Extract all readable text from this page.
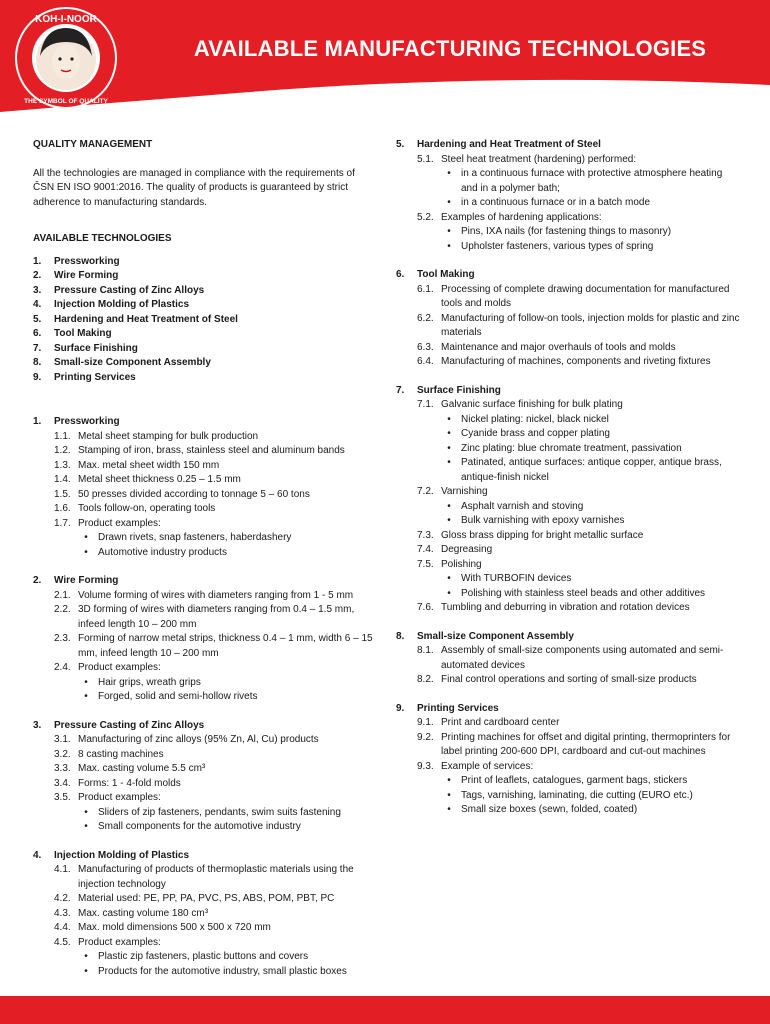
KOH-I-NOOR
THE SYMBOL OF QUALITY
AVAILABLE MANUFACTURING TECHNOLOGIES

QUALITY MANAGEMENT

All the technologies are managed in compliance with the requirements of ČSN EN ISO 9001:2016. The quality of products is guaranteed by strict adherence to manufacturing standards.

AVAILABLE TECHNOLOGIES

1.	Pressworking
2.	Wire Forming
3.	Pressure Casting of Zinc Alloys
4.	Injection Molding of Plastics
5.	Hardening and Heat Treatment of Steel
6.	Tool Making
7.	Surface Finishing
8.	Small-size Component Assembly
9.	Printing Services
1.	Pressworking

1.1. Metal sheet stamping for bulk production
1.2. Stamping of iron, brass, stainless steel and aluminum bands
1.3. Max. metal sheet width 150 mm
1.4. Metal sheet thickness 0.25 – 1.5 mm
1.5. 50 presses divided according to tonnage 5 – 60 tons
1.6. Tools follow-on, operating tools
1.7. Product examples:
•	Drawn rivets, snap fasteners, haberdashery
•	Automotive industry products
2.	Wire Forming

2.1. Volume forming of wires with diameters ranging from 1 - 5 mm
2.2. 3D forming of wires with diameters ranging from 0.4 – 1.5 mm, infeed length 10 – 200 mm
2.3. Forming of narrow metal strips, thickness 0.4 – 1 mm, width 6 – 15 mm, infeed length 10 – 200 mm
2.4. Product examples:
•	Hair grips, wreath grips
•	Forged, solid and semi-hollow rivets
3.	Pressure Casting of Zinc Alloys

3.1. Manufacturing of zinc alloys (95% Zn, Al, Cu) products
3.2. 8 casting machines
3.3. Max. casting volume 5.5 cm³
3.4. Forms: 1 - 4-fold molds
3.5. Product examples:
•	Sliders of zip fasteners, pendants, swim suits fastening
•	Small components for the automotive industry
4.	Injection Molding of Plastics

4.1. Manufacturing of products of thermoplastic materials using the injection technology
4.2. Material used: PE, PP, PA, PVC, PS, ABS, POM, PBT, PC
4.3. Max. casting volume 180 cm³
4.4. Max. mold dimensions 500 x 500 x 720 mm
4.5. Product examples:
•	Plastic zip fasteners, plastic buttons and covers
•	Products for the automotive industry, small plastic boxes
5.	Hardening and Heat Treatment of Steel

5.1. Steel heat treatment (hardening) performed:
•	in a continuous furnace with protective atmosphere heating and in a polymer bath;
•	in a continuous furnace or in a batch mode
5.2. Examples of hardening applications:
•	Pins, IXA nails (for fastening things to masonry)
•	Upholster fasteners, various types of spring
6.	Tool Making

6.1. Processing of complete drawing documentation for manufactured tools and molds
6.2. Manufacturing of follow-on tools, injection molds for plastic and zinc materials
6.3. Maintenance and major overhauls of tools and molds
6.4. Manufacturing of machines, components and riveting fixtures
7.	Surface Finishing

7.1. Galvanic surface finishing for bulk plating
•	Nickel plating: nickel, black nickel
•	Cyanide brass and copper plating
•	Zinc plating: blue chromate treatment, passivation
•	Patinated, antique surfaces: antique copper, antique brass, antique-finish nickel
7.2. Varnishing
•	Asphalt varnish and stoving
•	Bulk varnishing with epoxy varnishes
7.3. Gloss brass dipping for bright metallic surface
7.4. Degreasing
7.5. Polishing
•	With TURBOFIN devices
•	Polishing with stainless steel beads and other additives
7.6. Tumbling and deburring in vibration and rotation devices
8.	Small-size Component Assembly

8.1. Assembly of small-size components using automated and semi-automated devices
8.2. Final control operations and sorting of small-size products
9.	Printing Services

9.1. Print and cardboard center
9.2. Printing machines for offset and digital printing, thermoprinters for label printing 200-600 DPI, cardboard and cut-out machines
9.3. Example of services:
•	Print of leaflets, catalogues, garment bags, stickers
•	Tags, varnishing, laminating, die cutting (EURO etc.)
•	Small size boxes (sewn, folded, coated)
